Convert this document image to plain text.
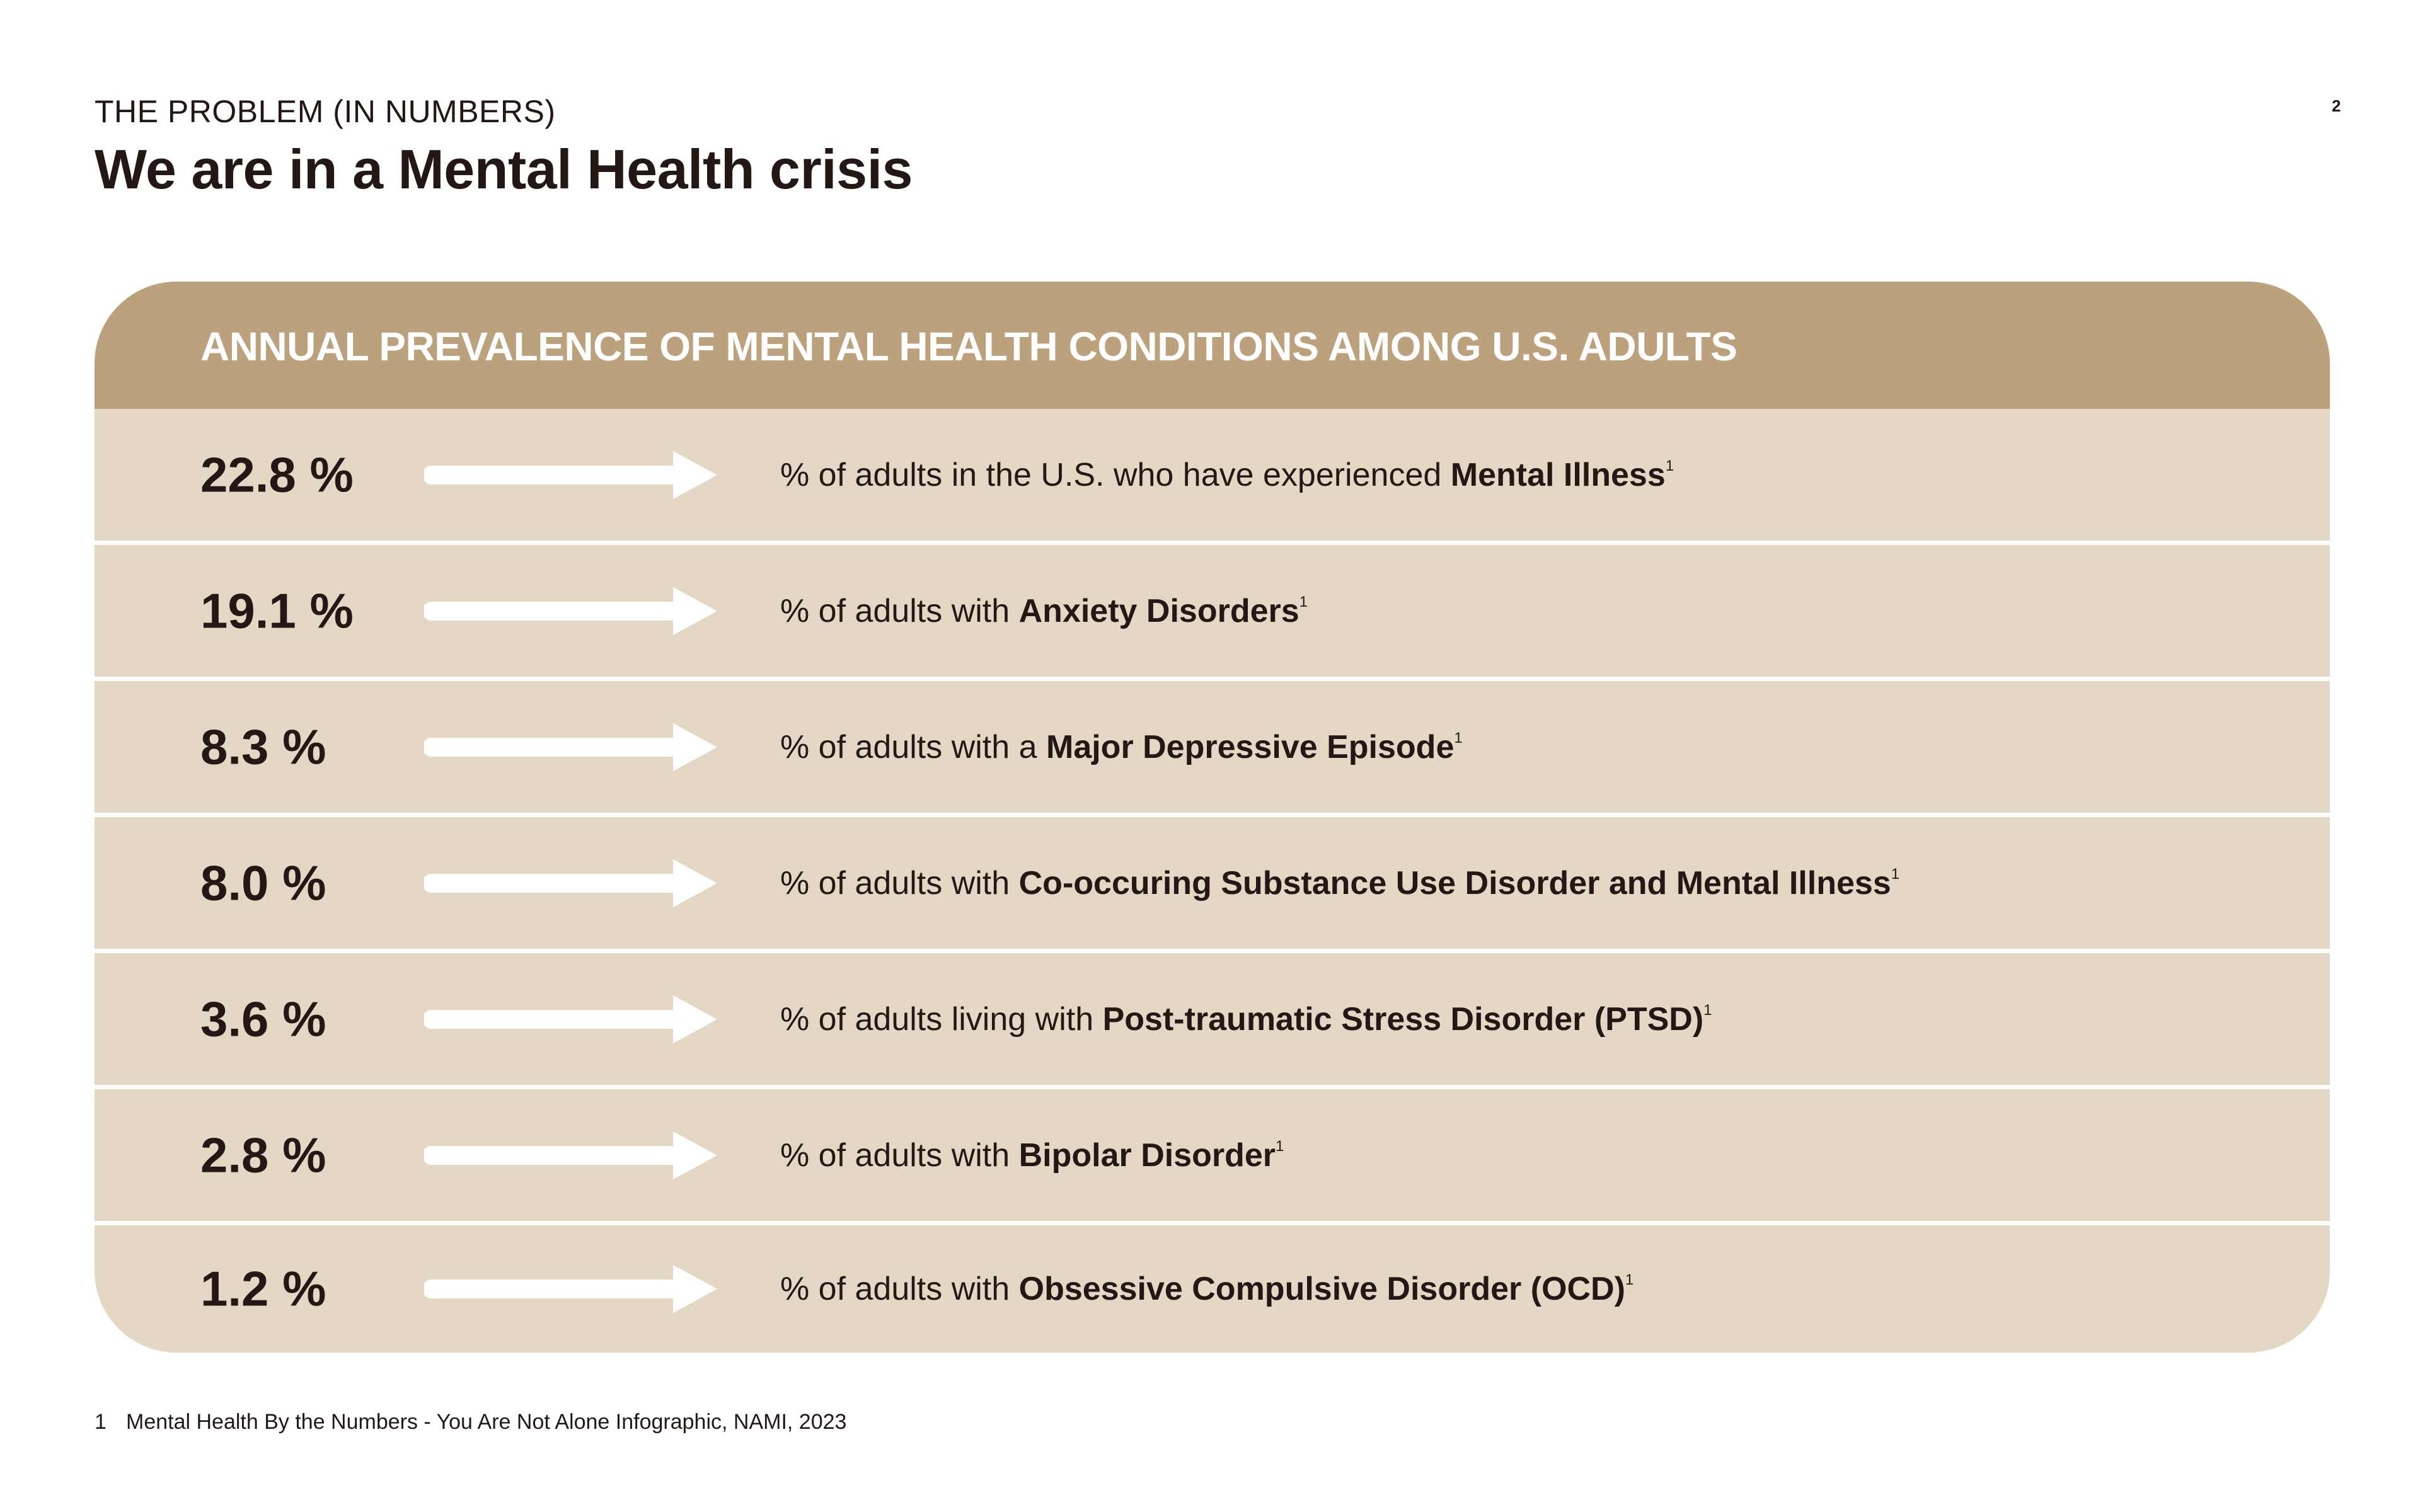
THE PROBLEM (IN NUMBERS)	2
We are in a Mental Health crisis
ANNUAL PREVALENCE OF MENTAL HEALTH CONDITIONS AMONG U.S. ADULTS
22.8 %	% of adults in the U.S. who have experienced Mental Illness$^1$
19.1 %	% of adults with Anxiety Disorders$^1$
8.3 %	% of adults with a Major Depressive Episode$^1$
8.0 %	% of adults with Co-occuring Substance Use Disorder and Mental Illness$^1$
3.6 %	% of adults living with Post-traumatic Stress Disorder (PTSD)$^1$
2.8 %	% of adults with Bipolar Disorder$^1$
1.2 %	% of adults with Obsessive Compulsive Disorder (OCD)$^1$
1 Mental Health By the Numbers - You Are Not Alone Infographic, NAMI, 2023
